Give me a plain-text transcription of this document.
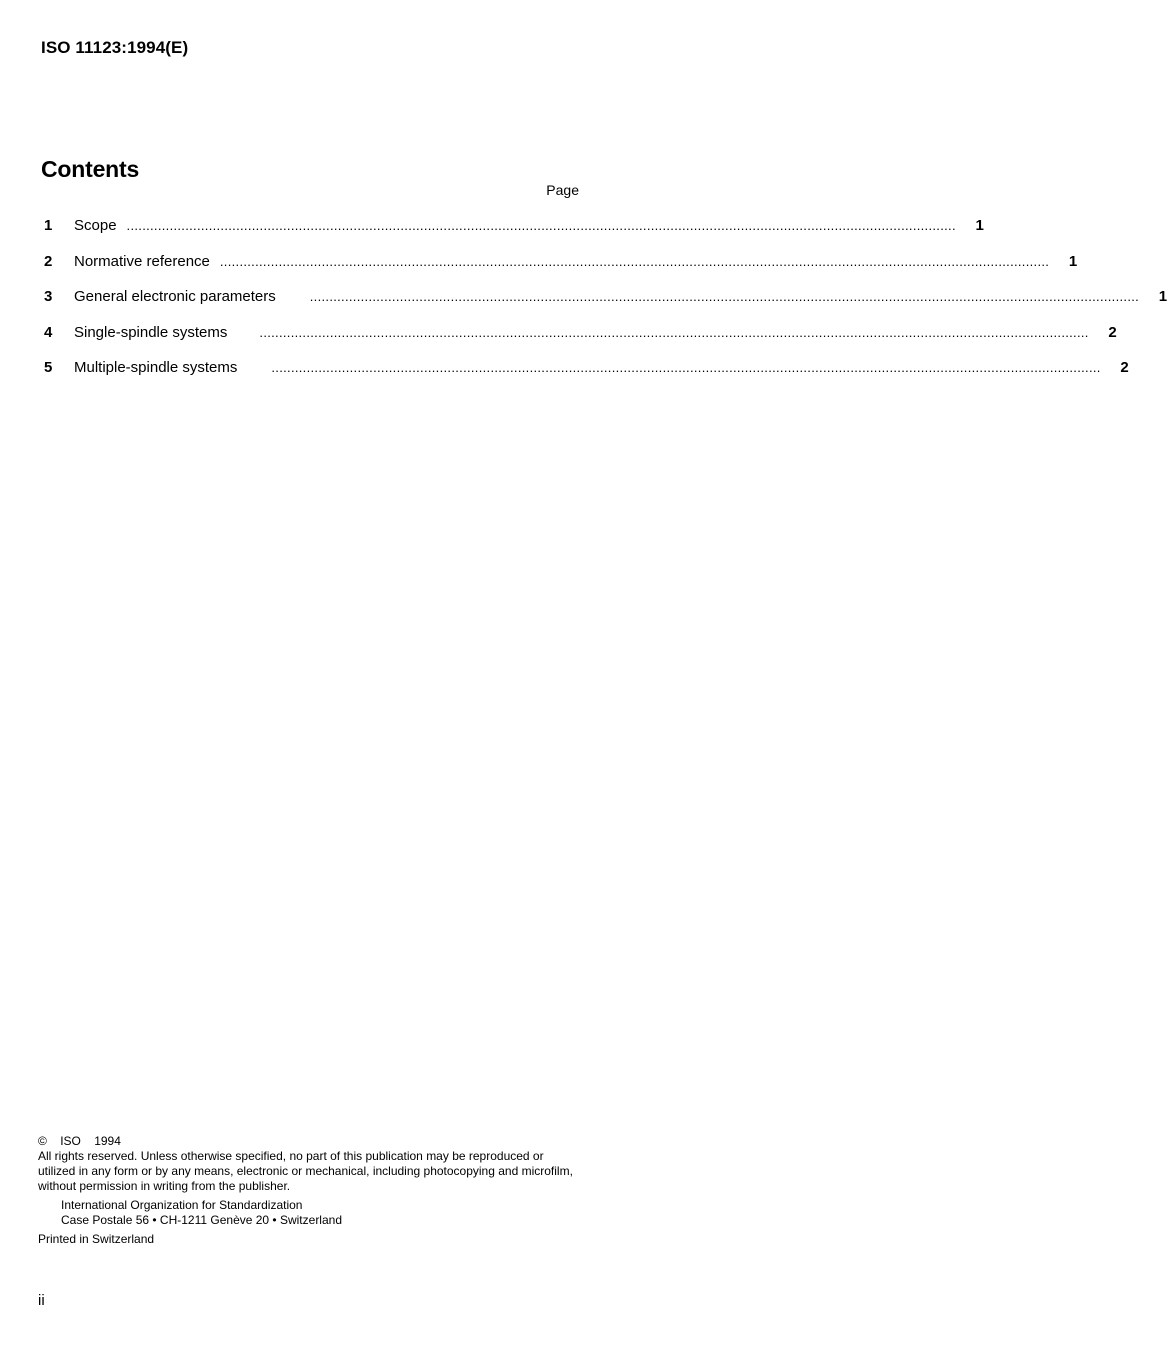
ISO 11123:1994(E)
Contents
Page
1	Scope ....................................................................................................................................................................................................................	1
2	Normative reference ....................................................................................................................................................................................................................	1
3	General electronic parameters	....................................................................................................................................................................................................................	1
4	Single-spindle systems ....................................................................................................................................................................................................................	2
5	Multiple-spindle systems	....................................................................................................................................................................................................................	2
© ISO 1994

All rights reserved. Unless otherwise specified, no part of this publication may be reproduced or utilized in any form or by any means, electronic or mechanical, including photocopying and microfilm, without permission in writing from the publisher.

International Organization for Standardization
Case Postale 56 • CH-1211 Genève 20 • Switzerland
Printed in Switzerland
ii
